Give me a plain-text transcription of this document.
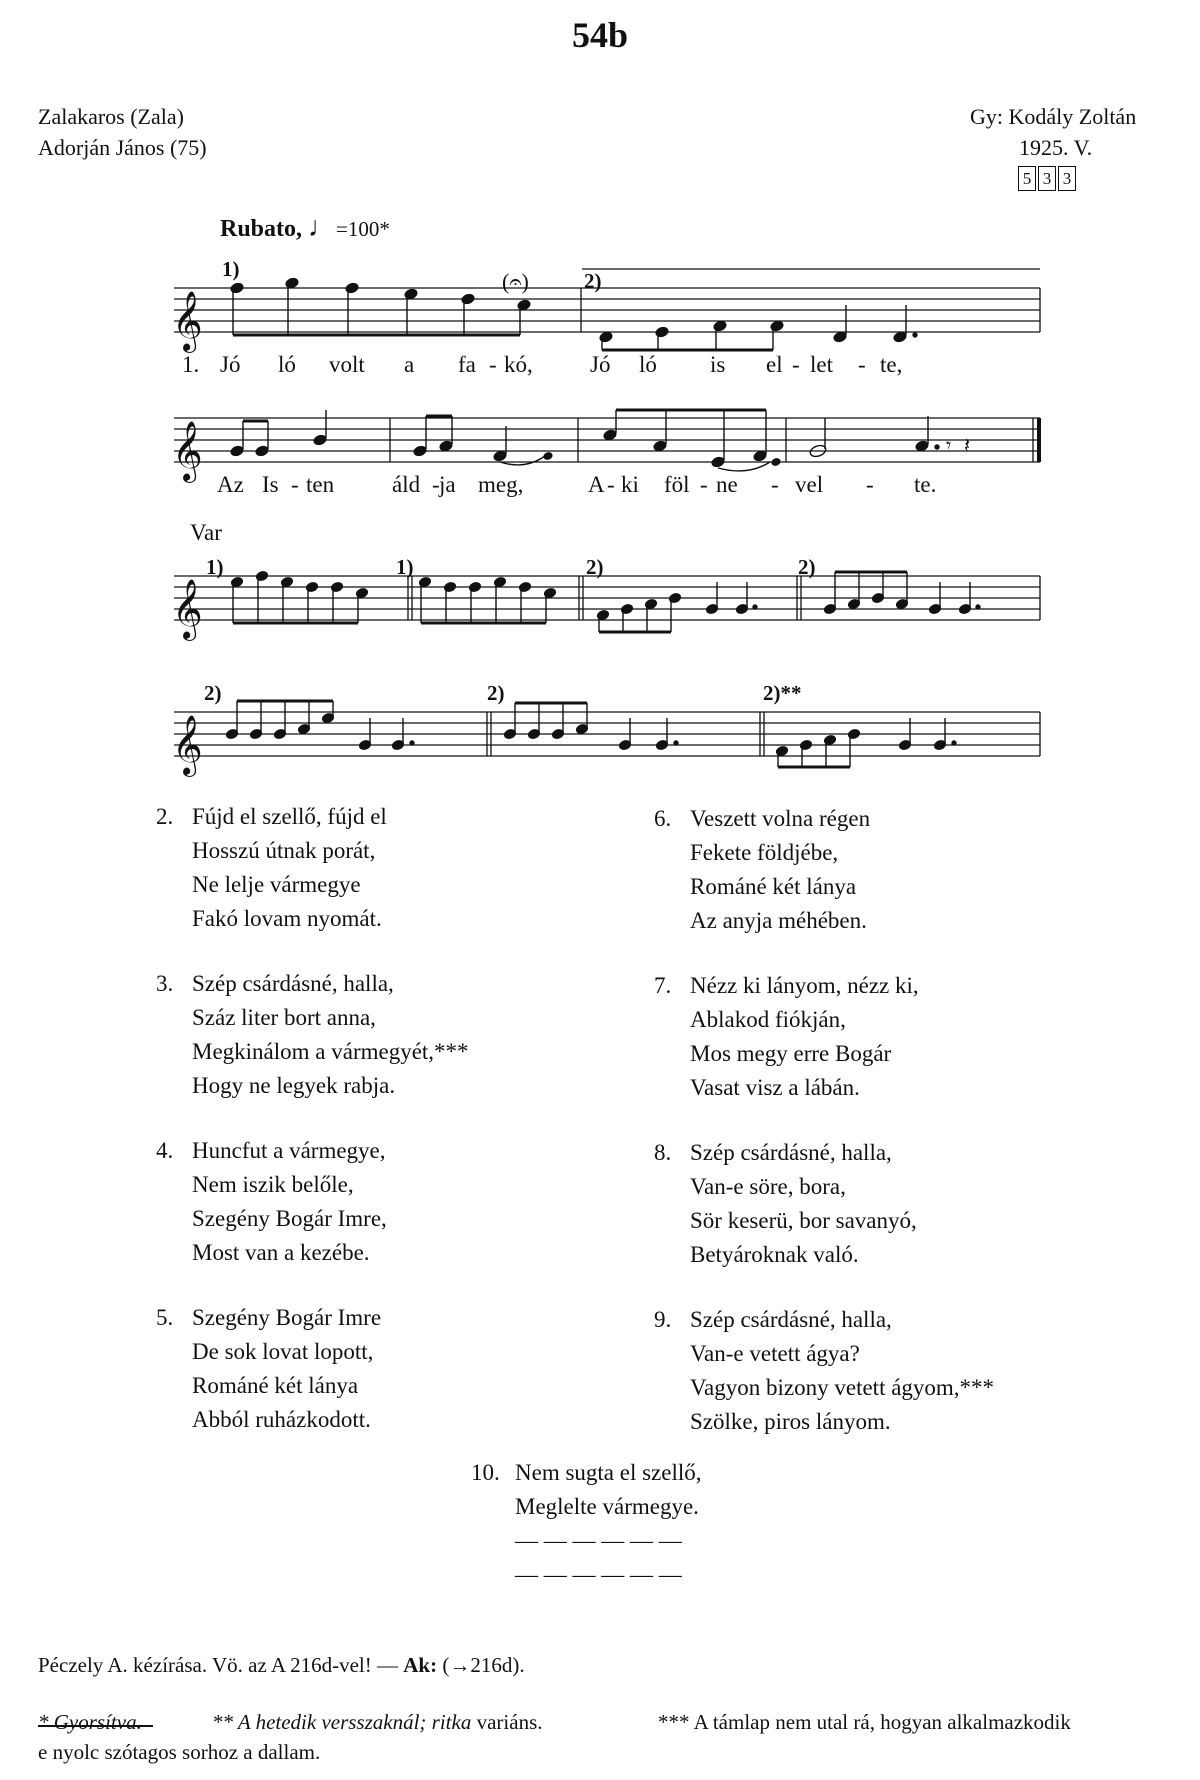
54b
Zalakaros (Zala)
Adorján János (75)
Gy: Kodály Zoltán
1925. V.
5 3 3
Rubato, ♩=100*
𝄞
𝄞
𝄞
𝄞
𝄾 𝄽
1)	2)
1)	1)	2)	2)
2)	2)	2)**
(𝄐)
1. Jó ló volt a fa - kó, Jó ló is el - let - te,
Az Is - ten	áld - ja meg,	A - ki föl - ne - vel - te.
Var
2. Fújd el szellő, fújd el
Hosszú útnak porát,
Ne lelje vármegye
Fakó lovam nyomát.
3. Szép csárdásné, halla,
Száz liter bort anna,
Megkinálom a vármegyét,***
Hogy ne legyek rabja.
4. Huncfut a vármegye,
Nem iszik belőle,
Szegény Bogár Imre,
Most van a kezébe.
5. Szegény Bogár Imre
De sok lovat lopott,
Románé két lánya
Abból ruházkodott.
6. Veszett volna régen
Fekete földjébe,
Románé két lánya
Az anyja méhében.
7. Nézz ki lányom, nézz ki,
Ablakod fiókján,
Mos megy erre Bogár
Vasat visz a lábán.
8. Szép csárdásné, halla,
Van-e söre, bora,
Sör keserü, bor savanyó,
Betyároknak való.
9. Szép csárdásné, halla,
Van-e vetett ágya?
Vagyon bizony vetett ágyom,***
Szölke, piros lányom.
10. Nem sugta el szellő,
Meglelte vármegye.
— — — — — —
— — — — — —
Péczely A. kézírása. Vö. az A 216d-vel! — Ak: (→216d).
* Gyorsítva.	** A hetedik versszaknál; ritka variáns.	*** A támlap nem utal rá, hogyan alkalmazkodik
e nyolc szótagos sorhoz a dallam.
